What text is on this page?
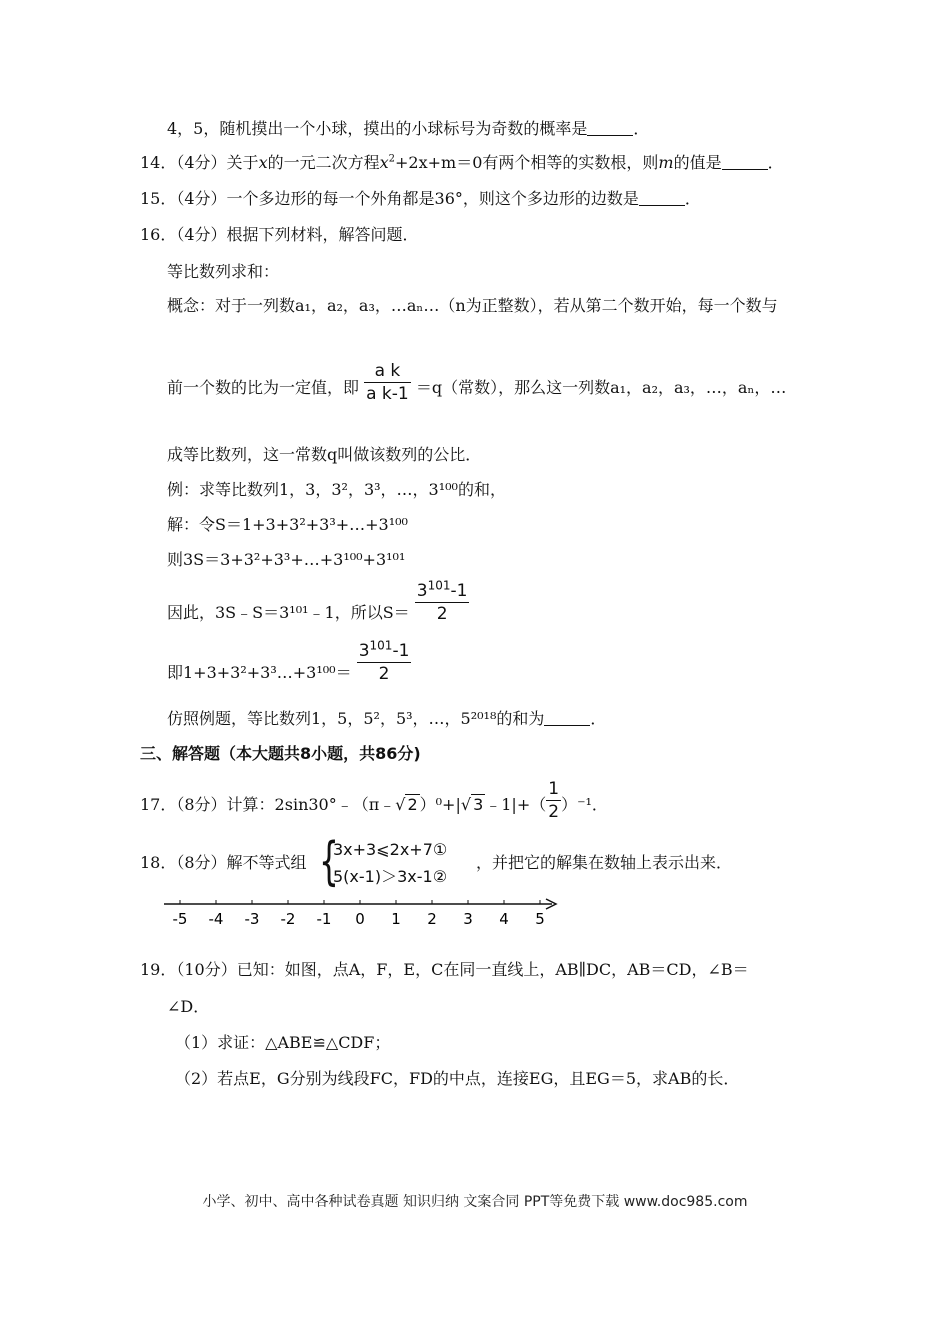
4，5，随机摸出一个小球，摸出的小球标号为奇数的概率是	．
14．（4分）关于x的一元二次方程$x^2+2x+m=0$有两个相等的实数根，则m的值是	．
15．（4分）一个多边形的每一个外角都是36°，则这个多边形的边数是	．
16．（4分）根据下列材料，解答问题．
等比数列求和：
概念：对于一列数a₁，a₂，a₃，…aₙ…（n为正整数），若从第二个数开始，每一个数与
前一个数的比为一定值，即 $\frac{\text{a k}}{\text{a k-1}} =q$（常数），那么这一列数a₁，a₂，a₃，…，aₙ，…
成等比数列，这一常数q叫做该数列的公比．
例：求等比数列1，3，3²，3³，…，3¹⁰⁰的和，
解：令S＝1+3+3²+3³+…+3¹⁰⁰
则3S＝3+3²+3³+…+3¹⁰⁰+3¹⁰¹
因此，3S﹣S＝3¹⁰¹﹣1，所以$S= \frac{3^{101}-1}{2}$
即1+3+3²+3³…+3¹⁰⁰＝ $\frac{3^{101}-1}{2}$
仿照例题，等比数列1，5，5²，5³，…，5²⁰¹⁸的和为	．
三、解答题（本大题共8小题，共86分)
17．（8分）计算：2sin30°﹣（π﹣√ 2 ）⁰+|√ 3 ﹣1|+（ $\frac{1}{2} )^{-1}$．
18．（8分）解不等式组 {
3x+3⩽2x+7①
5(x-1)＞3x-1②
，并把它的解集在数轴上表示出来．
-5 -4 -3 -2 -1 0 1 2 3 4 5
19．（10分）已知：如图，点A，F，E，C在同一直线上，AB∥DC，AB＝CD，∠B＝
∠D．
（1）求证：△ABE≌△CDF；
（2）若点E，G分别为线段FC，FD的中点，连接EG，且EG＝5，求AB的长．
小学、初中、高中各种试卷真题 知识归纳 文案合同 PPT等免费下载 www.doc985.com
